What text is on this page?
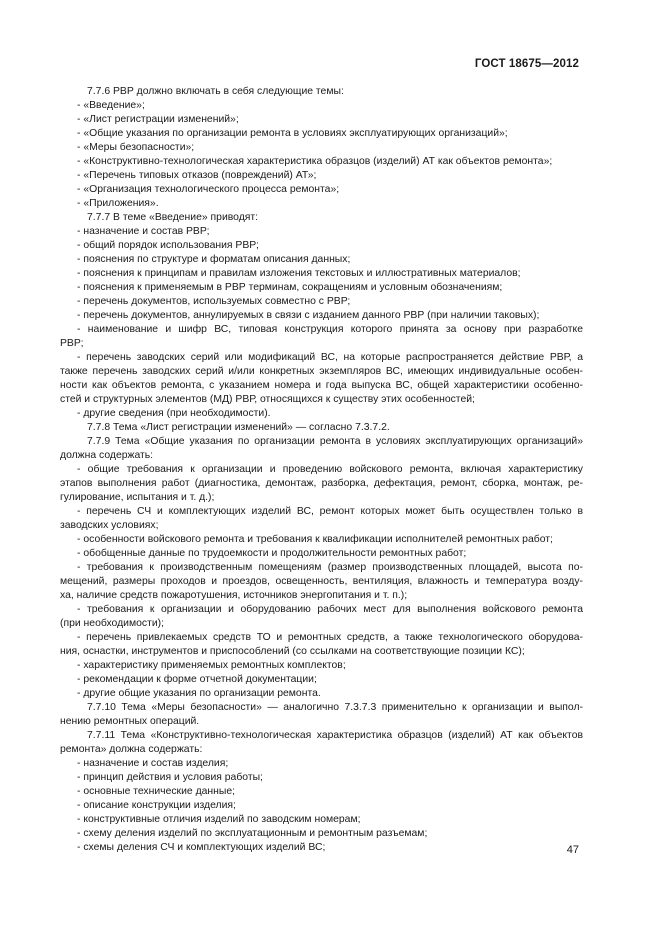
ГОСТ 18675—2012
7.7.6 РВР должно включать в себя следующие темы:
- «Введение»;
- «Лист регистрации изменений»;
- «Общие указания по организации ремонта в условиях эксплуатирующих организаций»;
- «Меры безопасности»;
- «Конструктивно-технологическая характеристика образцов (изделий) АТ как объектов ремонта»;
- «Перечень типовых отказов (повреждений) АТ»;
- «Организация технологического процесса ремонта»;
- «Приложения».
7.7.7 В теме «Введение» приводят:
- назначение и состав РВР;
- общий порядок использования РВР;
- пояснения по структуре и форматам описания данных;
- пояснения к принципам и правилам изложения текстовых и иллюстративных материалов;
- пояснения к применяемым в РВР терминам, сокращениям и условным обозначениям;
- перечень документов, используемых совместно с РВР;
- перечень документов, аннулируемых в связи с изданием данного РВР (при наличии таковых);
- наименование и шифр ВС, типовая конструкция которого принята за основу при разработке
РВР;
- перечень заводских серий или модификаций ВС, на которые распространяется действие РВР, а
также перечень заводских серий и/или конкретных экземпляров ВС, имеющих индивидуальные особен-
ности как объектов ремонта, с указанием номера и года выпуска ВС, общей характеристики особеннo-
стей и структурных элементов (МД) РВР, относящихся к существу этих особенностей;
- другие сведения (при необходимости).
7.7.8 Тема «Лист регистрации изменений» — согласно 7.3.7.2.
7.7.9 Тема «Общие указания по организации ремонта в условиях эксплуатирующих организаций»
должна содержать:
- общие требования к организации и проведению войскового ремонта, включая характеристику
этапов выполнения работ (диагностика, демонтаж, разборка, дефектация, ремонт, сборка, монтаж, ре-
гулирование, испытания и т. д.);
- перечень СЧ и комплектующих изделий ВС, ремонт которых может быть осуществлен только в
заводских условиях;
- особенности войскового ремонта и требования к квалификации исполнителей ремонтных работ;
- обобщенные данные по трудоемкости и продолжительности ремонтных работ;
- требования к производственным помещениям (размер производственных площадей, высота по-
мещений, размеры проходов и проездов, освещенность, вентиляция, влажность и температура возду-
ха, наличие средств пожаротушения, источников энергопитания и т. п.);
- требования к организации и оборудованию рабочих мест для выполнения войскового ремонта
(при необходимости);
- перечень привлекаемых средств ТО и ремонтных средств, а также технологического оборудова-
ния, оснастки, инструментов и приспособлений (со ссылками на соответствующие позиции КС);
- характеристику применяемых ремонтных комплектов;
- рекомендации к форме отчетной документации;
- другие общие указания по организации ремонта.
7.7.10 Тема «Меры безопасности» — аналогично 7.3.7.3 применительно к организации и выпол-
нению ремонтных операций.
7.7.11 Тема «Конструктивно-технологическая характеристика образцов (изделий) АТ как объектов
ремонта» должна содержать:
- назначение и состав изделия;
- принцип действия и условия работы;
- основные технические данные;
- описание конструкции изделия;
- конструктивные отличия изделий по заводским номерам;
- схему деления изделий по эксплуатационным и ремонтным разъемам;
- схемы деления СЧ и комплектующих изделий ВС;	47
